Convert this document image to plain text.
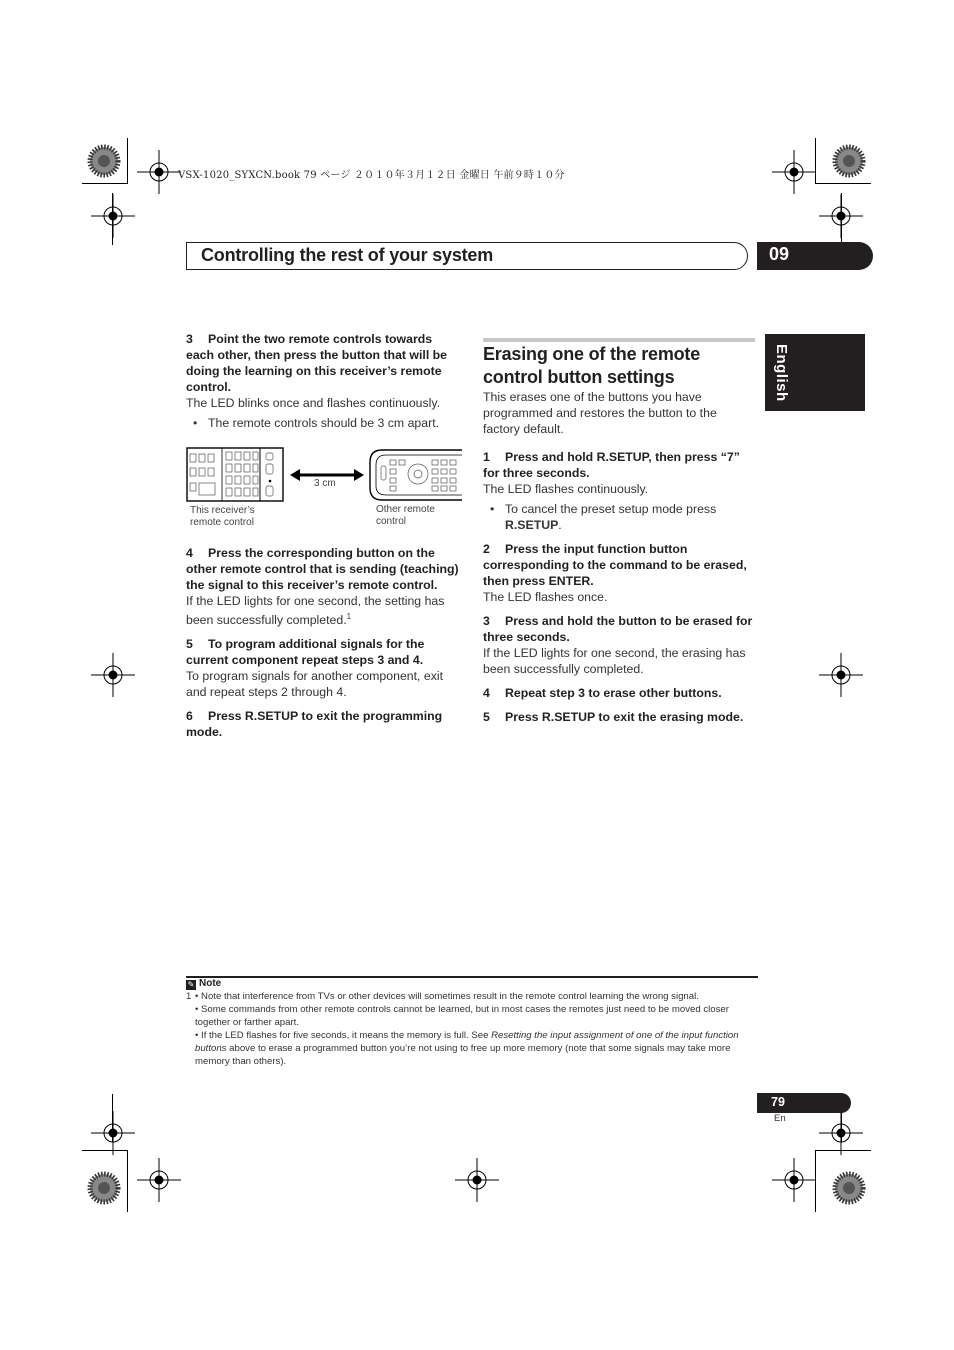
VSX-1020_SYXCN.book 79 ページ ２０１０年３月１２日 金曜日 午前９時１０分
Controlling the rest of your system	09
English
3 Point the two remote controls towards each other, then press the button that will be doing the learning on this receiver’s remote control.
The LED blinks once and flashes continuously.
• The remote controls should be 3 cm apart.
3 cm
This receiver’s remote control
Other remote control
4 Press the corresponding button on the other remote control that is sending (teaching) the signal to this receiver’s remote control.
If the LED lights for one second, the setting has been successfully completed.$^1$
5 To program additional signals for the current component repeat steps 3 and 4.
To program signals for another component, exit and repeat steps 2 through 4.
6 Press R.SETUP to exit the programming mode.
Erasing one of the remote control button settings
This erases one of the buttons you have programmed and restores the button to the factory default.
1 Press and hold R.SETUP, then press “7” for three seconds.
The LED flashes continuously.
• To cancel the preset setup mode press R.SETUP.
2 Press the input function button corresponding to the command to be erased, then press ENTER.
The LED flashes once.
3 Press and hold the button to be erased for three seconds.
If the LED lights for one second, the erasing has been successfully completed.
4 Repeat step 3 to erase other buttons.
5 Press R.SETUP to exit the erasing mode.
✎ Note
1 • Note that interference from TVs or other devices will sometimes result in the remote control learning the wrong signal.
• Some commands from other remote controls cannot be learned, but in most cases the remotes just need to be moved closer together or farther apart.
• If the LED flashes for five seconds, it means the memory is full. See Resetting the input assignment of one of the input function buttons above to erase a programmed button you’re not using to free up more memory (note that some signals may take more memory than others).
79
En
